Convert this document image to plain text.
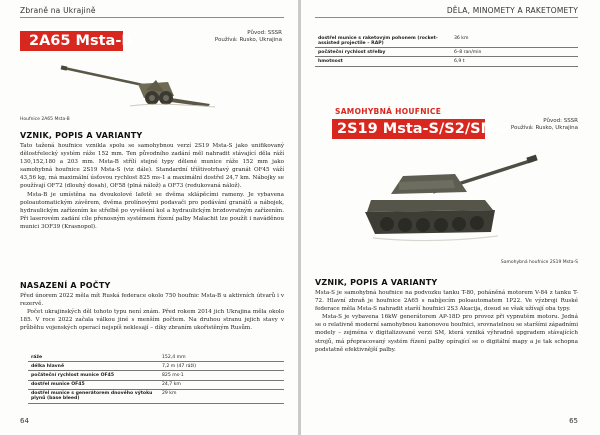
Zbraně na Ukrajině
2A65 Msta-B	Původ: SSSR
Používá: Rusko, Ukrajina
Houfnice 2A65 Msta-B
VZNIK, POPIS A VARIANTY

Tato tažená houfnice vznikla spolu se samohybnou verzí 2S19 Msta-S jako unifikovaný dělostřelecký systém ráže 152 mm. Ten původního zadání měl nahradit stávající děla ráží 130,152,180 a 203 mm. Msta-B střílí stejné typy dělené munice ráže 152 mm jako samohybná houfnice 2S19 Msta-S (viz dále). Standardní tříštivotrhavý granát OF45 váží 43,56 kg, má maximální úsťovou rychlost 825 ms-1 a maximální dostřel 24,7 km. Nábojky se používají OF72 (dlouhý dosah), OF58 (plná nálož) a OF73 (redukovaná nálož).

Msta-B je umístěna na dvoukolové lafetě se dvěma sklápěcími rameny. Je vybavena poloautomatickým závěrem, dvěma prolínovými podavači pro podávání granátů a nábojek, hydraulickým zařízením ke střelbě po vyvěšení kol a hydraulickým brzdovratným zařízením. Při laserovém zadání cíle přenosným systémem řízení palby Malachit lze použít i naváděnou munici 3OF39 (Krasnopol).

NASAZENÍ A POČTY

Před únorem 2022 měla mít Ruská federace okolo 750 houfnic Msta-B u aktivních útvarů i v rezervě.

Počet ukrajinských děl tohoto typu není znám. Před rokem 2014 jich Ukrajina měla okolo 185. V roce 2022 začala válkou jiné s menším počtem. Na druhou stranu jejich stavy v průběhu vojenských operací nejspíš neklesají – díky zbraním ukořistěným Rusům.

ráže	152,4 mm
délka hlavně	7,2 m (47 ráží)
počáteční rychlost munice OF45	825 ms-1
dostřel munice OF45	24,7 km
dostřel munice s generátorem dnového výtoku plynů (base bleed)	29 km
64
DĚLA, MINOMETY A RAKETOMETY
dostřel munice s raketovým pohonem (rocket-assisted projectile – RAP)	36 km
počáteční rychlost střelby	6–8 ran/min
hmotnost	6,9 t
SAMOHYBNÁ HOUFNICE
2S19 Msta-S/S2/SM-2	Původ: SSSR
Používá: Rusko, Ukrajina
Samohybná houfnice 2S19 Msta-S
VZNIK, POPIS A VARIANTY

Msta-S je samohybná houfnice na podvozku tanku T-80, poháněná motorem V-84 z tanku T-72. Hlavní zbraň je houfnice 2A65 s nabíjecím poloautomatem 1P22. Ve výzbroji Ruské federace měla Msta-S nahradit starší houfnici 2S3 Akacija, dosud se však užívají oba typy.

Msta-S je vybavena 16kW generátorem AP-18D pro provoz při vypnutém motoru. Jedná se o relativně moderní samohybnou kanonovou houfnici, srovnatelnou se staršími západními modely – zejména v digitalizované verzi SM, která vzniká výhradně upgradem stávajících strojů, má přepracovaný systém řízení palby opírající se o digitální mapy a je tak schopna podstatně efektivnější palby.

65
